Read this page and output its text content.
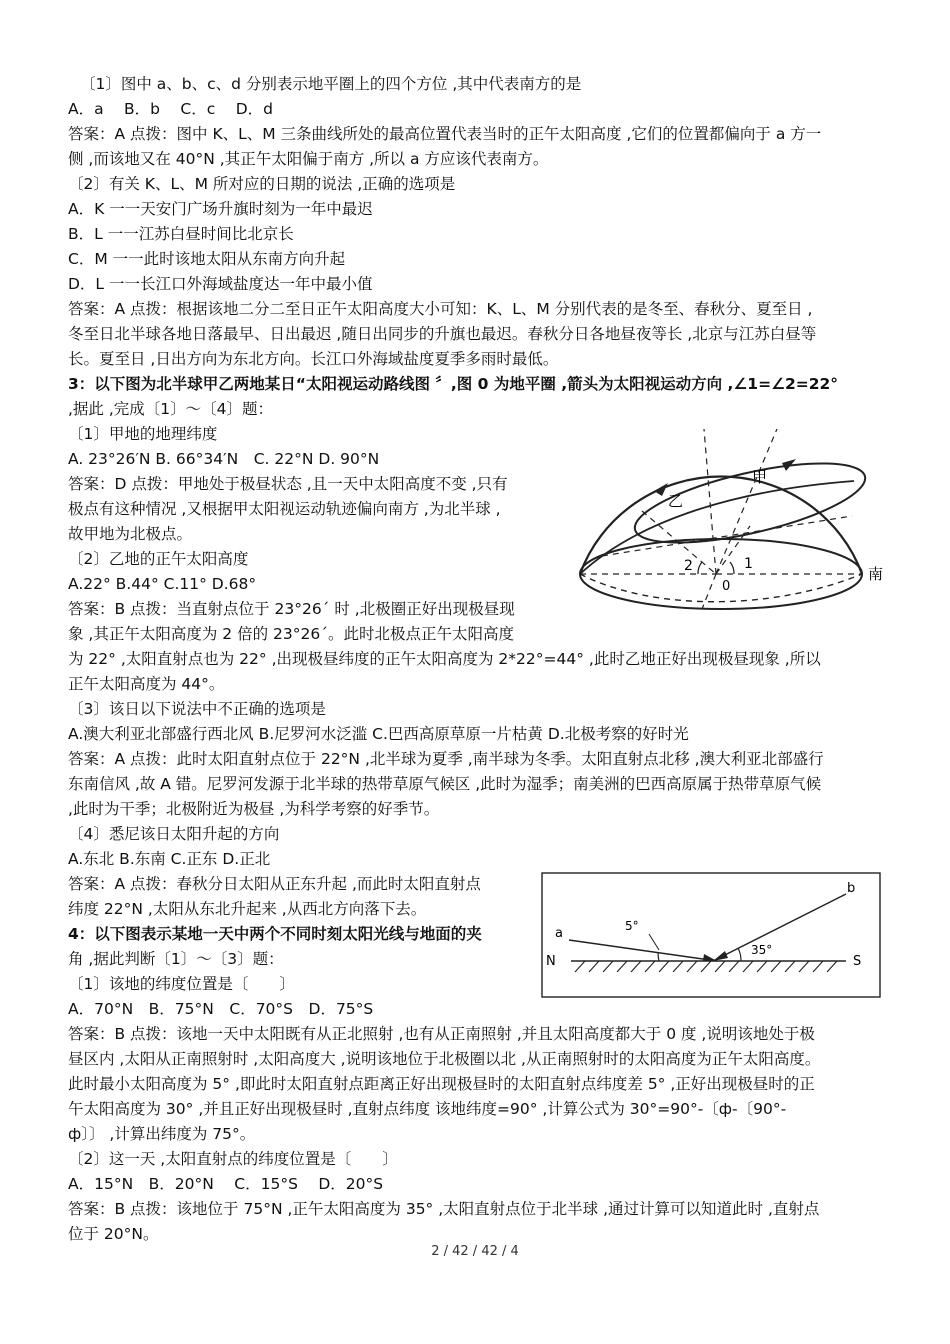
〔1〕图中 a、b、c、d 分别表示地平圈上的四个方位 ,其中代表南方的是
A．a　 B．b　 C．c　 D．d
答案：A 点拨：图中 K、L、M 三条曲线所处的最高位置代表当时的正午太阳高度 ,它们的位置都偏向于 a 方一
侧 ,而该地又在 40°N ,其正午太阳偏于南方 ,所以 a 方应该代表南方。
〔2〕有关 K、L、M 所对应的日期的说法 ,正确的选项是
A．K 一一天安门广场升旗时刻为一年中最迟
B．L 一一江苏白昼时间比北京长
C．M 一一此时该地太阳从东南方向升起
D．L 一一长江口外海域盐度达一年中最小值
答案：A 点拨：根据该地二分二至日正午太阳高度大小可知：K、L、M 分别代表的是冬至、春秋分、夏至日 ,
冬至日北半球各地日落最早、日出最迟 ,随日出同步的升旗也最迟。春秋分日各地昼夜等长 ,北京与江苏白昼等
长。夏至日 ,日出方向为东北方向。长江口外海域盐度夏季多雨时最低。
3：以下图为北半球甲乙两地某日“太阳视运动路线图 〞,图 0 为地平圈 ,箭头为太阳视运动方向 ,∠1=∠2=22°
,据此 ,完成〔1〕～〔4〕题：
〔1〕甲地的地理纬度
A. 23°26′N B. 66°34′N　C. 22°N D. 90°N
答案：D 点拨：甲地处于极昼状态 ,且一天中太阳高度不变 ,只有
极点有这种情况 ,又根据甲太阳视运动轨迹偏向南方 ,为北半球 ,
故甲地为北极点。
〔2〕乙地的正午太阳高度
A.22° B.44° C.11° D.68°
答案：B 点拨：当直射点位于 23°26´ 时 ,北极圈正好出现极昼现
象 ,其正午太阳高度为 2 倍的 23°26´。此时北极点正午太阳高度
为 22° ,太阳直射点也为 22° ,出现极昼纬度的正午太阳高度为 2*22°=44° ,此时乙地正好出现极昼现象 ,所以
正午太阳高度为 44°。
〔3〕该日以下说法中不正确的选项是
A.澳大利亚北部盛行西北风 B.尼罗河水泛滥 C.巴西高原草原一片枯黄 D.北极考察的好时光
答案：A 点拨：此时太阳直射点位于 22°N ,北半球为夏季 ,南半球为冬季。太阳直射点北移 ,澳大利亚北部盛行
东南信风 ,故 A 错。尼罗河发源于北半球的热带草原气候区 ,此时为湿季；南美洲的巴西高原属于热带草原气候
,此时为干季；北极附近为极昼 ,为科学考察的好季节。
〔4〕悉尼该日太阳升起的方向
A.东北 B.东南 C.正东 D.正北
答案：A 点拨：春秋分日太阳从正东升起 ,而此时太阳直射点
纬度 22°N ,太阳从东北升起来 ,从西北方向落下去。
4：以下图表示某地一天中两个不同时刻太阳光线与地面的夹
角 ,据此判断〔1〕～〔3〕题：
〔1〕该地的纬度位置是〔　　〕
A．70°N　B．75°N　C．70°S　D．75°S
答案：B 点拨：该地一天中太阳既有从正北照射 ,也有从正南照射 ,并且太阳高度都大于 0 度 ,说明该地处于极
昼区内 ,太阳从正南照射时 ,太阳高度大 ,说明该地位于北极圈以北 ,从正南照射时的太阳高度为正午太阳高度。
此时最小太阳高度为 5° ,即此时太阳直射点距离正好出现极昼时的太阳直射点纬度差 5° ,正好出现极昼时的正
午太阳高度为 30° ,并且正好出现极昼时 ,直射点纬度 该地纬度=90° ,计算公式为 30°=90°-〔ф-〔90°-
ф〕〕 ,计算出纬度为 75°。
〔2〕这一天 ,太阳直射点的纬度位置是〔　　〕
A．15°N　B．20°N　 C．15°S　 D．20°S
答案：B 点拨：该地位于 75°N ,正午太阳高度为 35° ,太阳直射点位于北半球 ,通过计算可以知道此时 ,直射点
位于 20°N。
甲
乙
南
1
2
0
a
b
N	S
5°
35°
2 / 42 / 42 / 4
